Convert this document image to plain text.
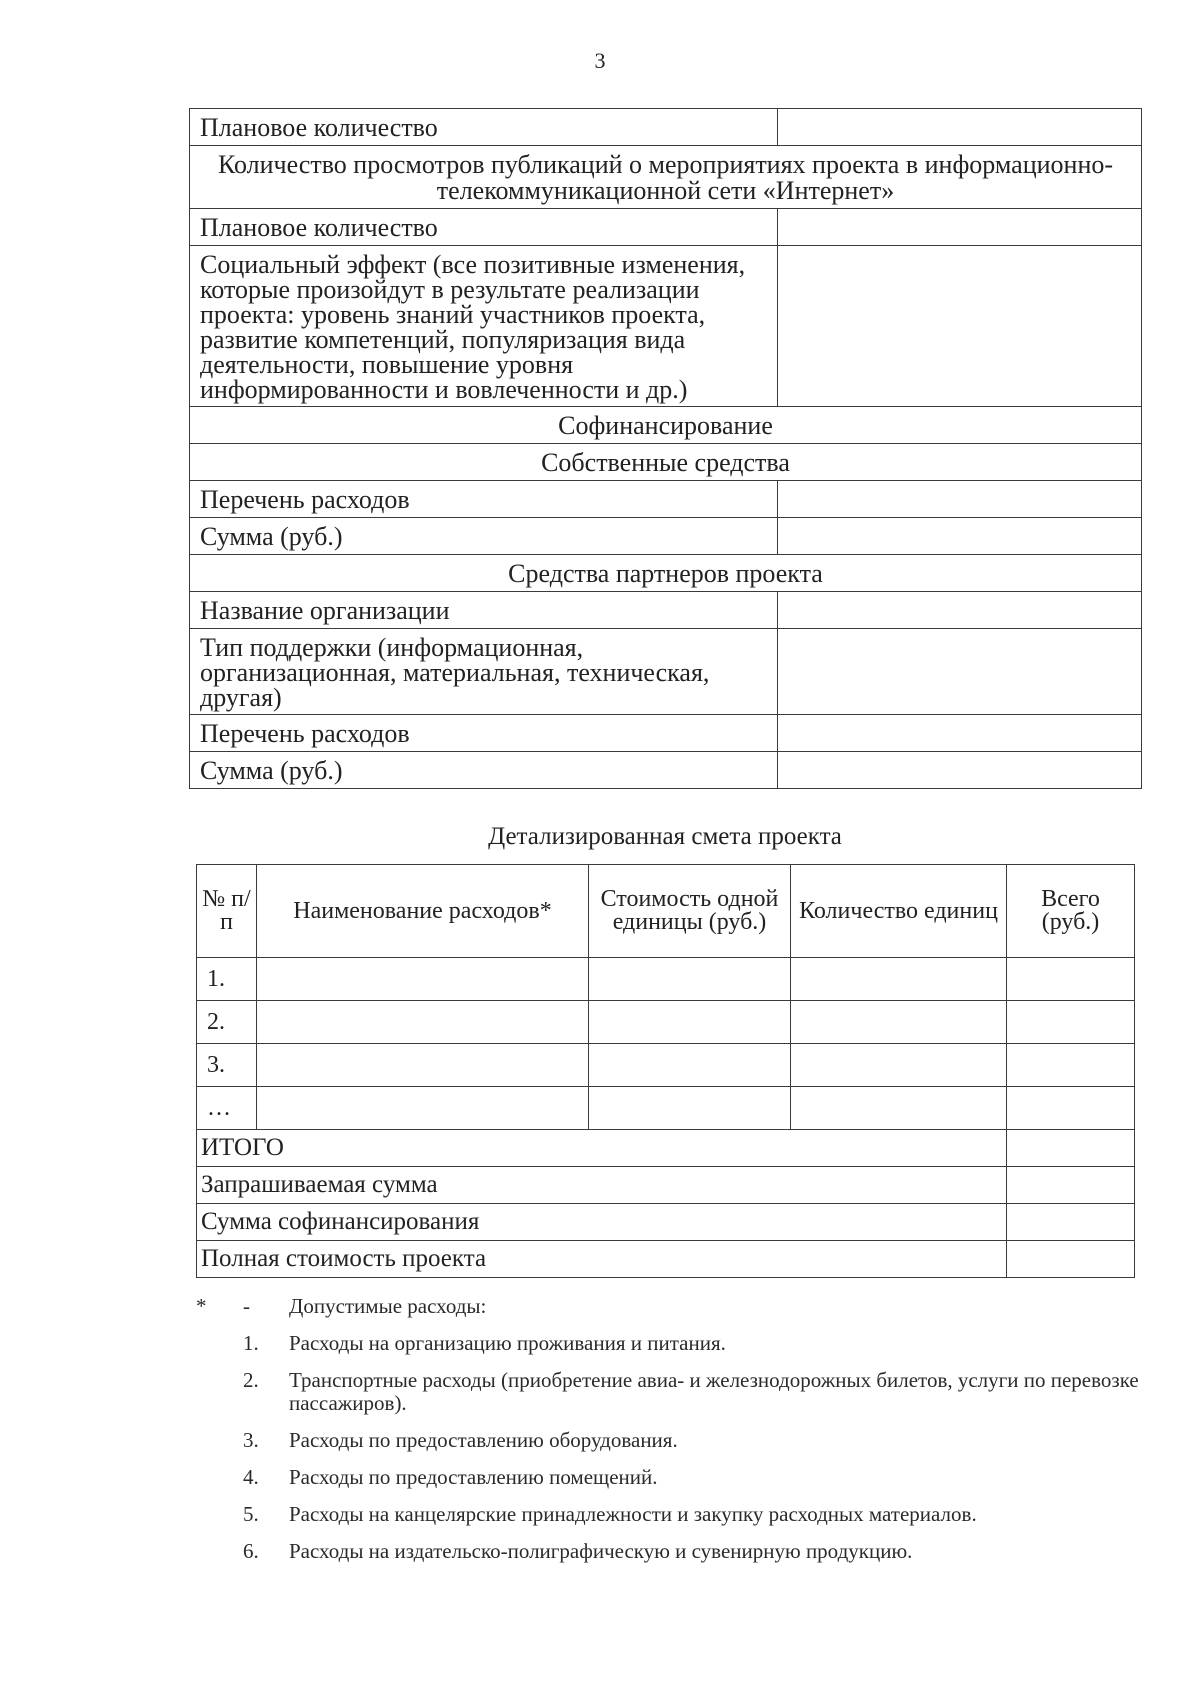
3
Плановое количество	
Количество просмотров публикаций о мероприятиях проекта в информационно-телекоммуникационной сети «Интернет»	
Плановое количество	
Социальный эффект (все позитивные изменения, которые произойдут в результате реализации проекта: уровень знаний участников проекта, развитие компетенций, популяризация вида деятельности, повышение уровня информированности и вовлеченности и др.)	
Софинансирование	
Собственные средства	
Перечень расходов	
Сумма (руб.)	
Средства партнеров проекта	
Название организации	
Тип поддержки (информационная, организационная, материальная, техническая, другая)	
Перечень расходов	
Сумма (руб.)	
Детализированная смета проекта
№ п/п	Наименование расходов*	Стоимость одной единицы (руб.)	Количество единиц	Всего (руб.)
1.				
2.				
3.				
…				
ИТОГО				
Запрашиваемая сумма				
Сумма софинансирования				
Полная стоимость проекта				
*	-	Допустимые расходы:
1.	Расходы на организацию проживания и питания.
2.	Транспортные расходы (приобретение авиа- и железнодорожных билетов, услуги по перевозке пассажиров).
3.	Расходы по предоставлению оборудования.
4.	Расходы по предоставлению помещений.
5.	Расходы на канцелярские принадлежности и закупку расходных материалов.
6.	Расходы на издательско-полиграфическую и сувенирную продукцию.
